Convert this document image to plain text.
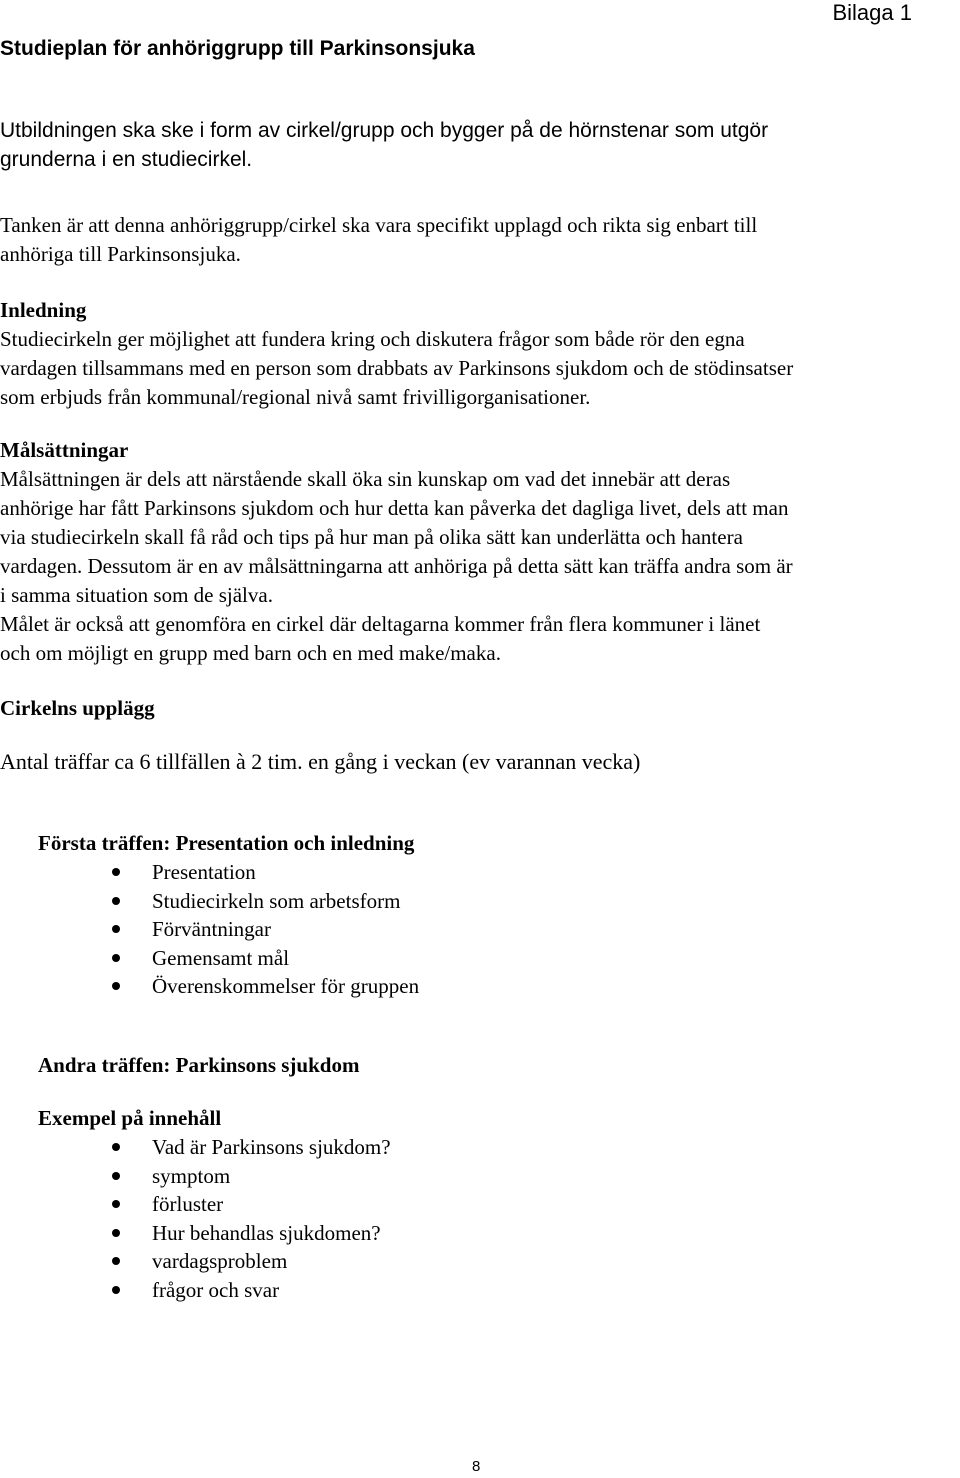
Bilaga 1
Studieplan för anhöriggrupp till Parkinsonsjuka
Utbildningen ska ske i form av cirkel/grupp och bygger på de hörnstenar som utgör
grunderna i en studiecirkel.
Tanken är att denna anhöriggrupp/cirkel ska vara specifikt upplagd och rikta sig enbart till
anhöriga till Parkinsonsjuka.
Inledning
Studiecirkeln ger möjlighet att fundera kring och diskutera frågor som både rör den egna
vardagen tillsammans med en person som drabbats av Parkinsons sjukdom och de stödinsatser
som erbjuds från kommunal/regional nivå samt frivilligorganisationer.
Målsättningar
Målsättningen är dels att närstående skall öka sin kunskap om vad det innebär att deras
anhörige har fått Parkinsons sjukdom och hur detta kan påverka det dagliga livet, dels att man
via studiecirkeln skall få råd och tips på hur man på olika sätt kan underlätta och hantera
vardagen. Dessutom är en av målsättningarna att anhöriga på detta sätt kan träffa andra som är
i samma situation som de själva.
Målet är också att genomföra en cirkel där deltagarna kommer från flera kommuner i länet
och om möjligt en grupp med barn och en med make/maka.
Cirkelns upplägg
Antal träffar ca 6 tillfällen à 2 tim. en gång i veckan (ev varannan vecka)
Första träffen: Presentation och inledning
Presentation
Studiecirkeln som arbetsform
Förväntningar
Gemensamt mål
Överenskommelser för gruppen
Andra träffen: Parkinsons sjukdom
Exempel på innehåll
Vad är Parkinsons sjukdom?
symptom
förluster
Hur behandlas sjukdomen?
vardagsproblem
frågor och svar
8
